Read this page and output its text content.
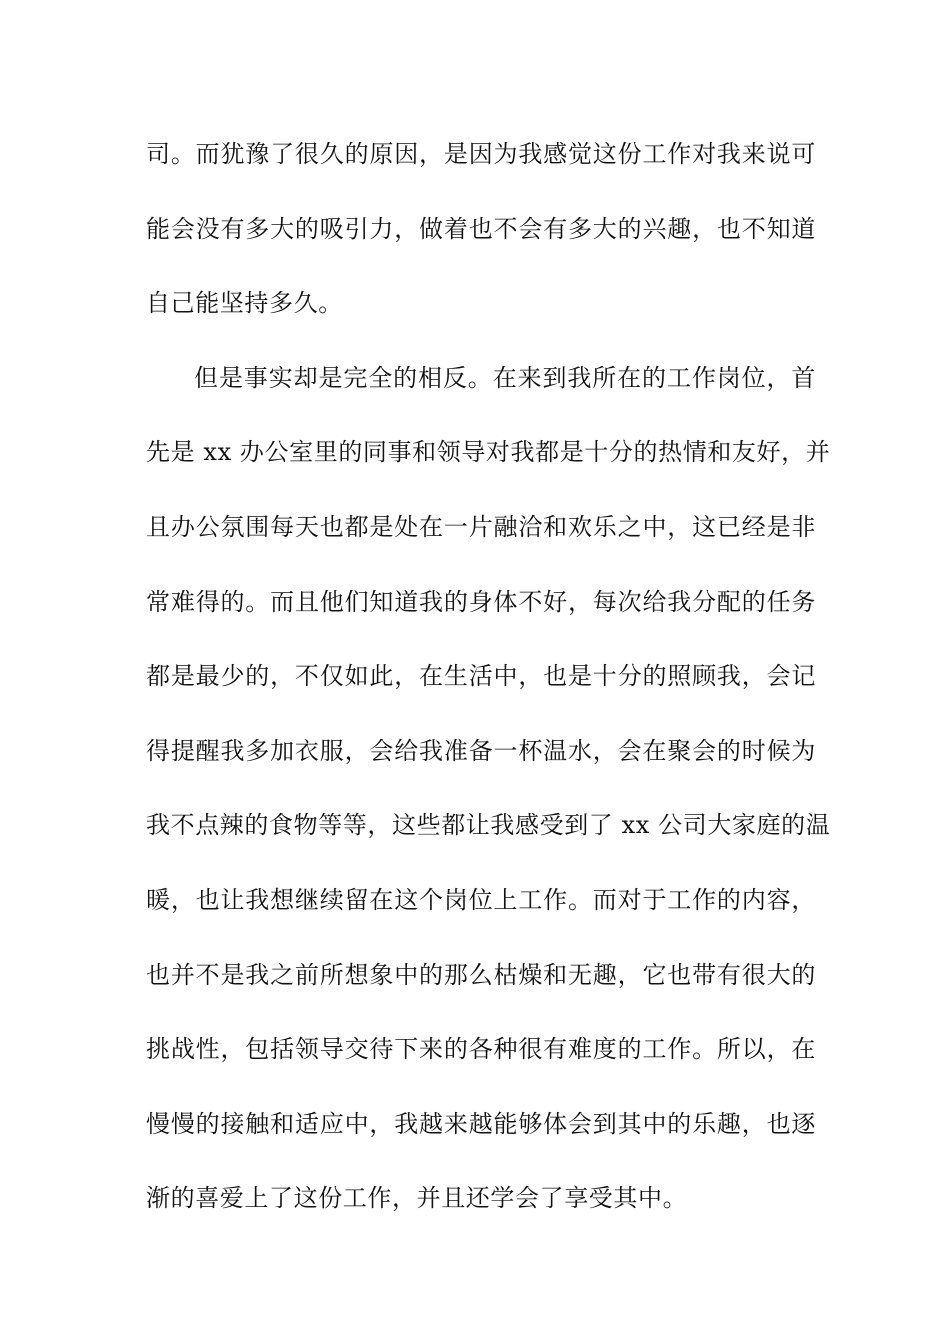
司。而犹豫了很久的原因，是因为我感觉这份工作对我来说可
能会没有多大的吸引力，做着也不会有多大的兴趣，也不知道
自己能坚持多久。
但是事实却是完全的相反。在来到我所在的工作岗位，首
先是 xx 办公室里的同事和领导对我都是十分的热情和友好，并
且办公氛围每天也都是处在一片融洽和欢乐之中，这已经是非
常难得的。而且他们知道我的身体不好，每次给我分配的任务
都是最少的，不仅如此，在生活中，也是十分的照顾我，会记
得提醒我多加衣服，会给我准备一杯温水，会在聚会的时候为
我不点辣的食物等等，这些都让我感受到了 xx 公司大家庭的温
暖，也让我想继续留在这个岗位上工作。而对于工作的内容，
也并不是我之前所想象中的那么枯燥和无趣，它也带有很大的
挑战性，包括领导交待下来的各种很有难度的工作。所以，在
慢慢的接触和适应中，我越来越能够体会到其中的乐趣，也逐
渐的喜爱上了这份工作，并且还学会了享受其中。
